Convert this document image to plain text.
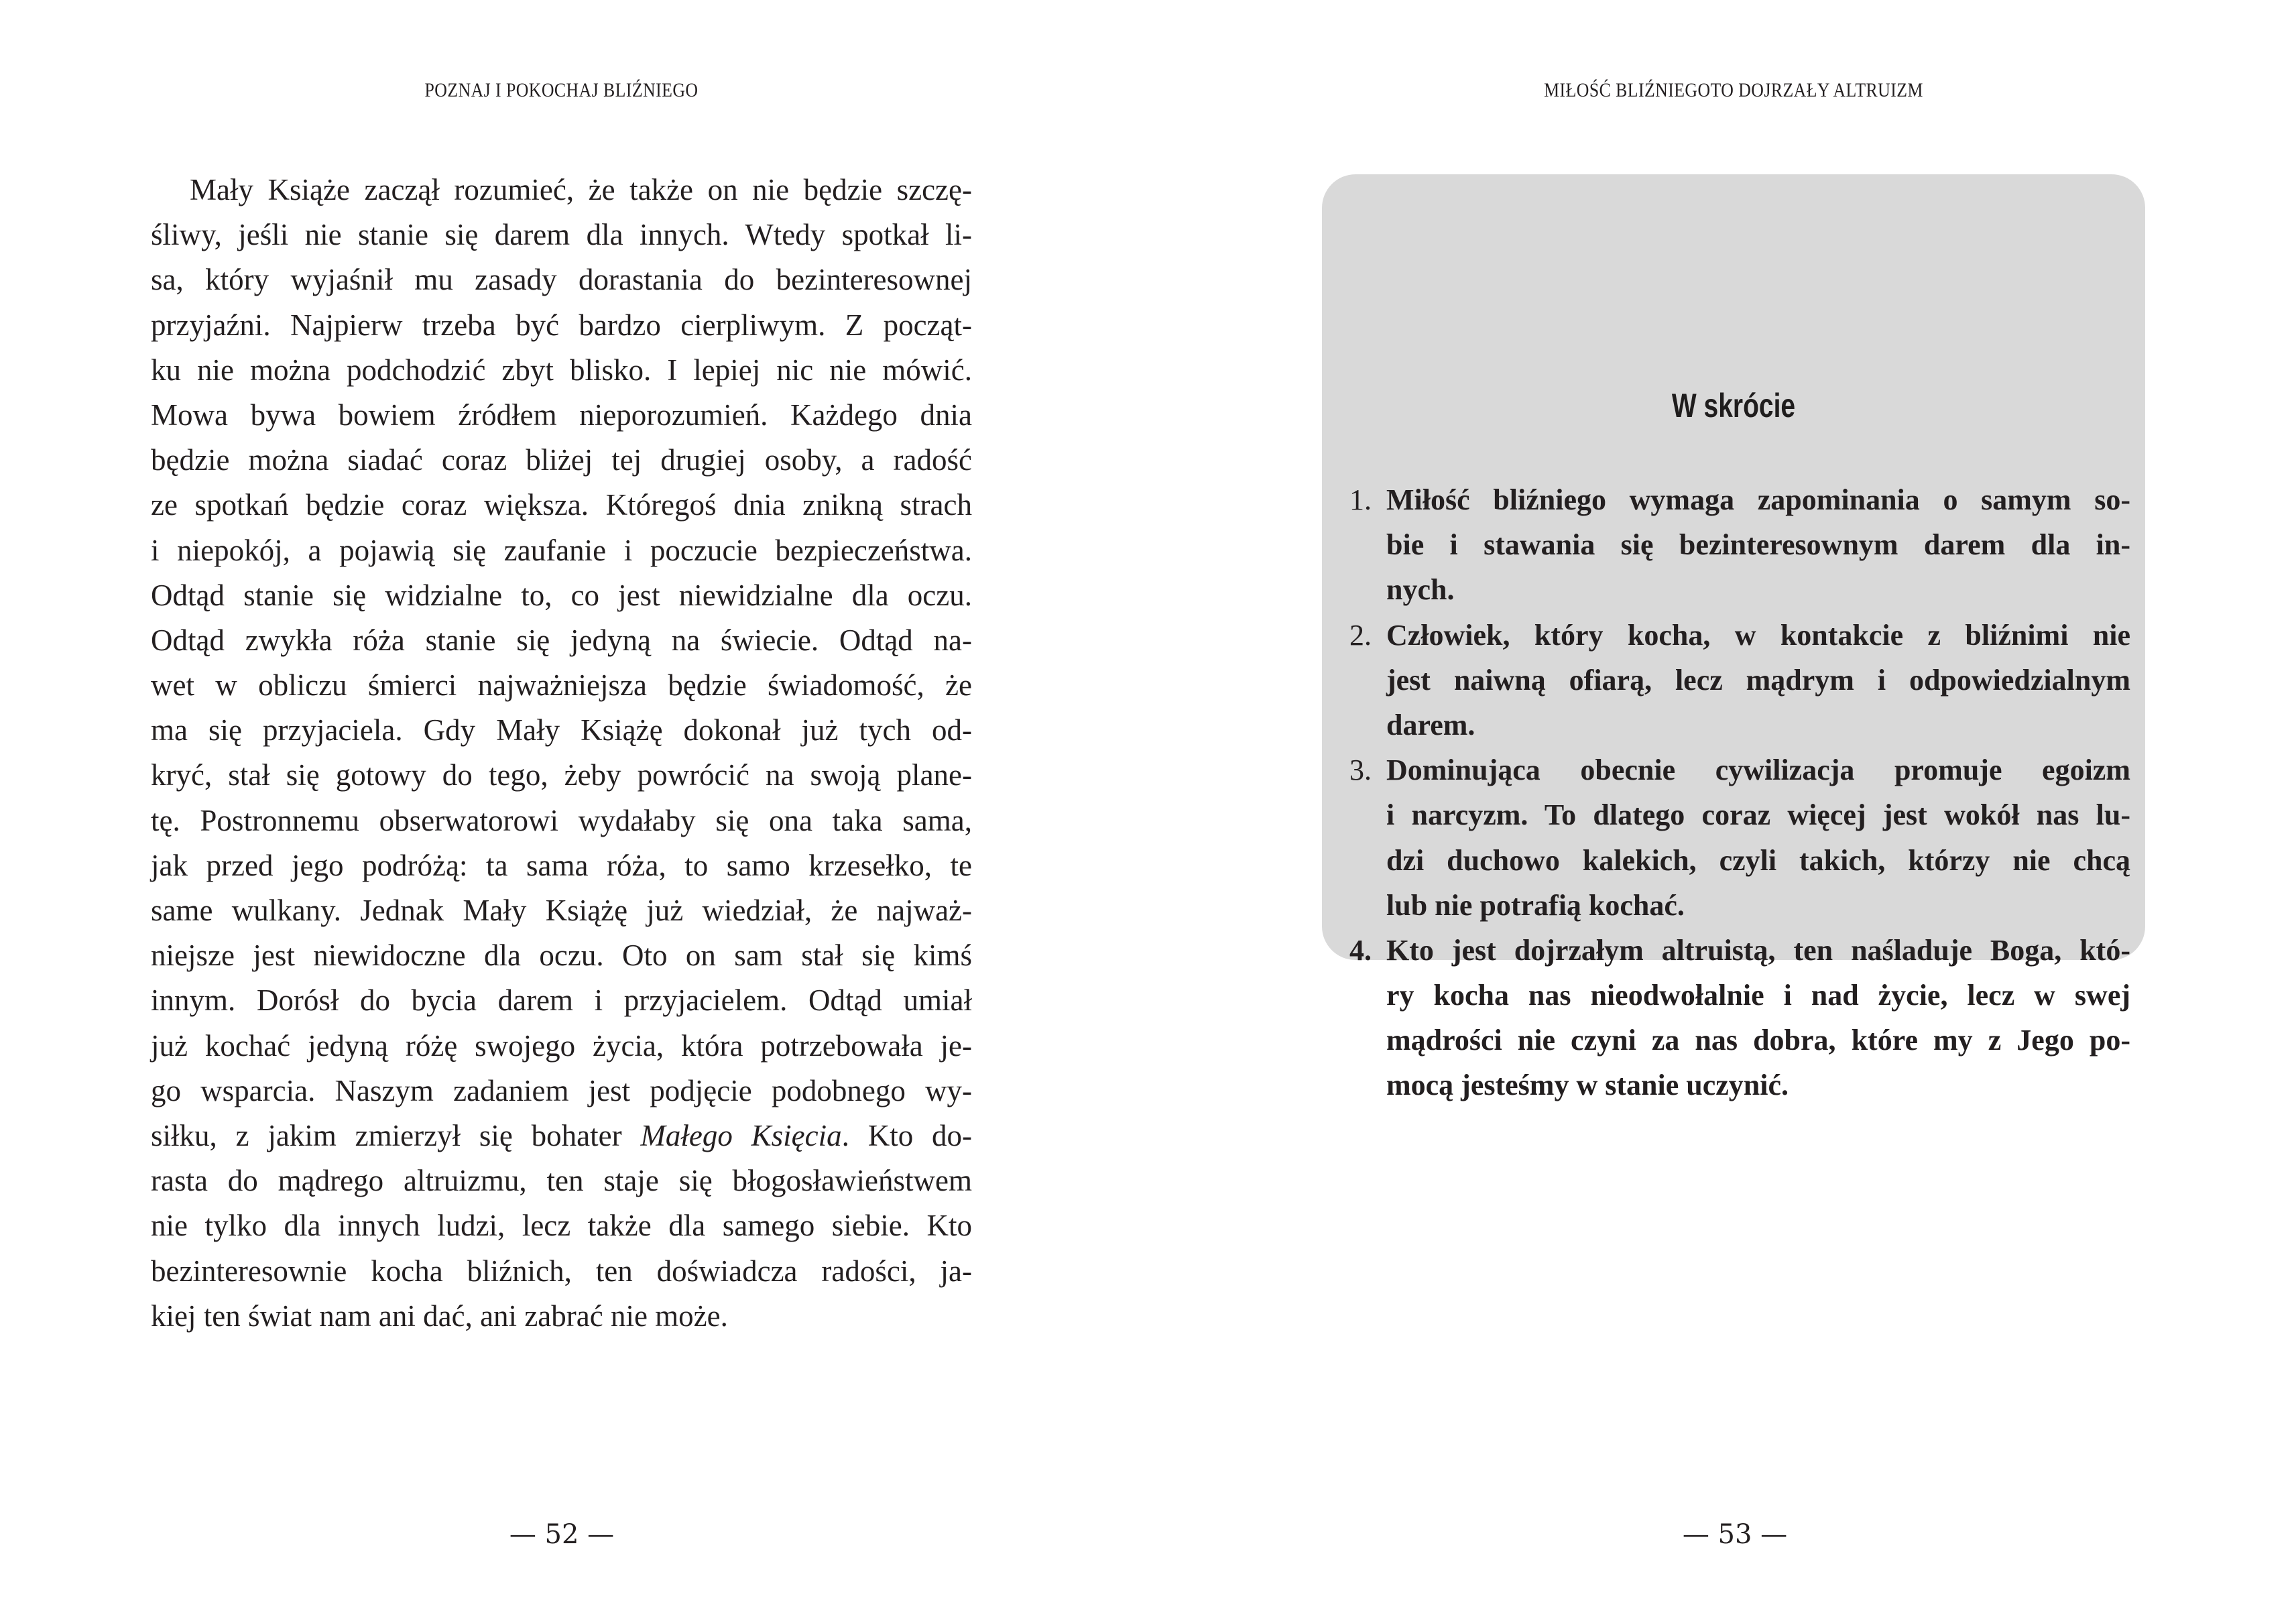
POZNAJ I POKOCHAJ BLIŹNIEGO
Mały Książe zaczął rozumieć, że także on nie będzie szczę-
śliwy, jeśli nie stanie się darem dla innych. Wtedy spotkał li-
sa, który wyjaśnił mu zasady dorastania do bezinteresownej
przyjaźni. Najpierw trzeba być bardzo cierpliwym. Z począt-
ku nie można podchodzić zbyt blisko. I lepiej nic nie mówić.
Mowa bywa bowiem źródłem nieporozumień. Każdego dnia
będzie można siadać coraz bliżej tej drugiej osoby, a radość
ze spotkań będzie coraz większa. Któregoś dnia znikną strach
i niepokój, a pojawią się zaufanie i poczucie bezpieczeństwa.
Odtąd stanie się widzialne to, co jest niewidzialne dla oczu.
Odtąd zwykła róża stanie się jedyną na świecie. Odtąd na-
wet w obliczu śmierci najważniejsza będzie świadomość, że
ma się przyjaciela. Gdy Mały Książę dokonał już tych od-
kryć, stał się gotowy do tego, żeby powrócić na swoją plane-
tę. Postronnemu obserwatorowi wydałaby się ona taka sama,
jak przed jego podróżą: ta sama róża, to samo krzesełko, te
same wulkany. Jednak Mały Książę już wiedział, że najważ-
niejsze jest niewidoczne dla oczu. Oto on sam stał się kimś
innym. Dorósł do bycia darem i przyjacielem. Odtąd umiał
już kochać jedyną różę swojego życia, która potrzebowała je-
go wsparcia. Naszym zadaniem jest podjęcie podobnego wy-
siłku, z jakim zmierzył się bohater Małego Księcia. Kto do-
rasta do mądrego altruizmu, ten staje się błogosławieństwem
nie tylko dla innych ludzi, lecz także dla samego siebie. Kto
bezinteresownie kocha bliźnich, ten doświadcza radości, ja-
kiej ten świat nam ani dać, ani zabrać nie może.
— 52 —
MIŁOŚĆ BLIŹNIEGOTO DOJRZAŁY ALTRUIZM
W skrócie
1. Miłość bliźniego wymaga zapominania o samym so-
bie i stawania się bezinteresownym darem dla in-
nych.
2. Człowiek, który kocha, w kontakcie z bliźnimi nie
jest naiwną ofiarą, lecz mądrym i odpowiedzialnym
darem.
3. Dominująca obecnie cywilizacja promuje egoizm
i narcyzm. To dlatego coraz więcej jest wokół nas lu-
dzi duchowo kalekich, czyli takich, którzy nie chcą
lub nie potrafią kochać.
4. Kto jest dojrzałym altruistą, ten naśladuje Boga, któ-
ry kocha nas nieodwołalnie i nad życie, lecz w swej
mądrości nie czyni za nas dobra, które my z Jego po-
mocą jesteśmy w stanie uczynić.
— 53 —
